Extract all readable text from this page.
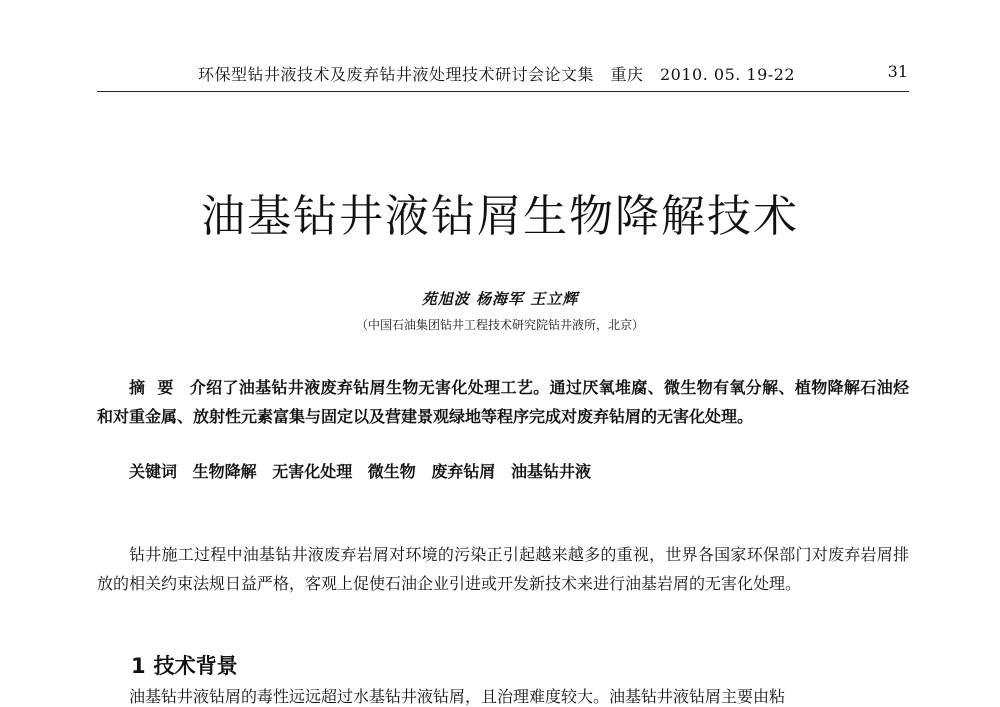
环保型钻井液技术及废弃钻井液处理技术研讨会论文集　重庆　2010. 05. 19-22	31
油基钻井液钻屑生物降解技术
苑旭波 杨海军 王立辉
（中国石油集团钻井工程技术研究院钻井液所，北京）

摘要 介绍了油基钻井液废弃钻屑生物无害化处理工艺。通过厌氧堆腐、微生物有氧分解、植物降解石油烃和对重金属、放射性元素富集与固定以及营建景观绿地等程序完成对废弃钻屑的无害化处理。

关键词 生物降解 无害化处理 微生物 废弃钻屑 油基钻井液

钻井施工过程中油基钻井液废弃岩屑对环境的污染正引起越来越多的重视，世界各国家环保部门对废弃岩屑排放的相关约束法规日益严格，客观上促使石油企业引进或开发新技术来进行油基岩屑的无害化处理。

1 技术背景
油基钻井液钻屑的毒性远远超过水基钻井液钻屑，且治理难度较大。油基钻井液钻屑主要由粘
